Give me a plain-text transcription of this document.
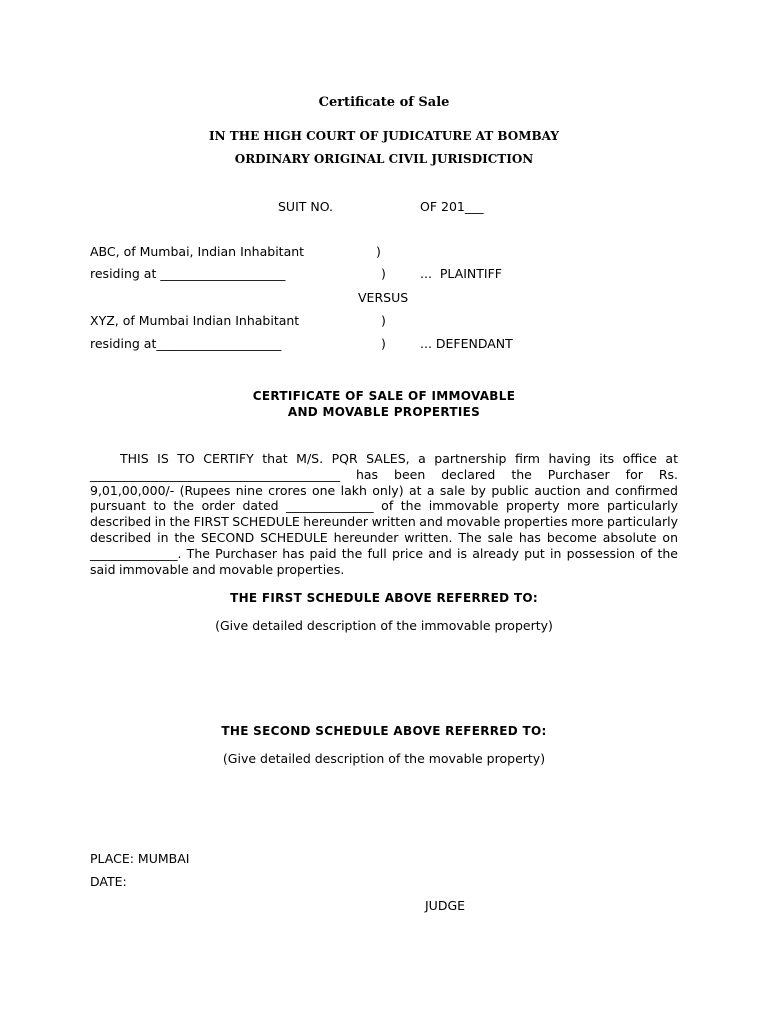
Certificate of Sale
IN THE HIGH COURT OF JUDICATURE AT BOMBAY
ORDINARY ORIGINAL CIVIL JURISDICTION
SUIT NO.	OF 201___
ABC, of Mumbai, Indian Inhabitant	)
residing at ____________________	)	...  PLAINTIFF
VERSUS
XYZ, of Mumbai Indian Inhabitant	)
residing at____________________	)	... DEFENDANT
CERTIFICATE OF SALE OF IMMOVABLE
AND MOVABLE PROPERTIES
THIS IS TO CERTIFY that M/S. PQR SALES, a partnership firm having its office at ________________________________________ has been declared the Purchaser for Rs. 9,01,00,000/- (Rupees nine crores one lakh only) at a sale by public auction and confirmed pursuant to the order dated ______________ of the immovable property more particularly described in the FIRST SCHEDULE hereunder written and movable properties more particularly described in the SECOND SCHEDULE hereunder written. The sale has become absolute on ______________. The Purchaser has paid the full price and is already put in possession of the said immovable and movable properties.
THE FIRST SCHEDULE ABOVE REFERRED TO:
(Give detailed description of the immovable property)
THE SECOND SCHEDULE ABOVE REFERRED TO:
(Give detailed description of the movable property)
PLACE: MUMBAI
DATE:
JUDGE
